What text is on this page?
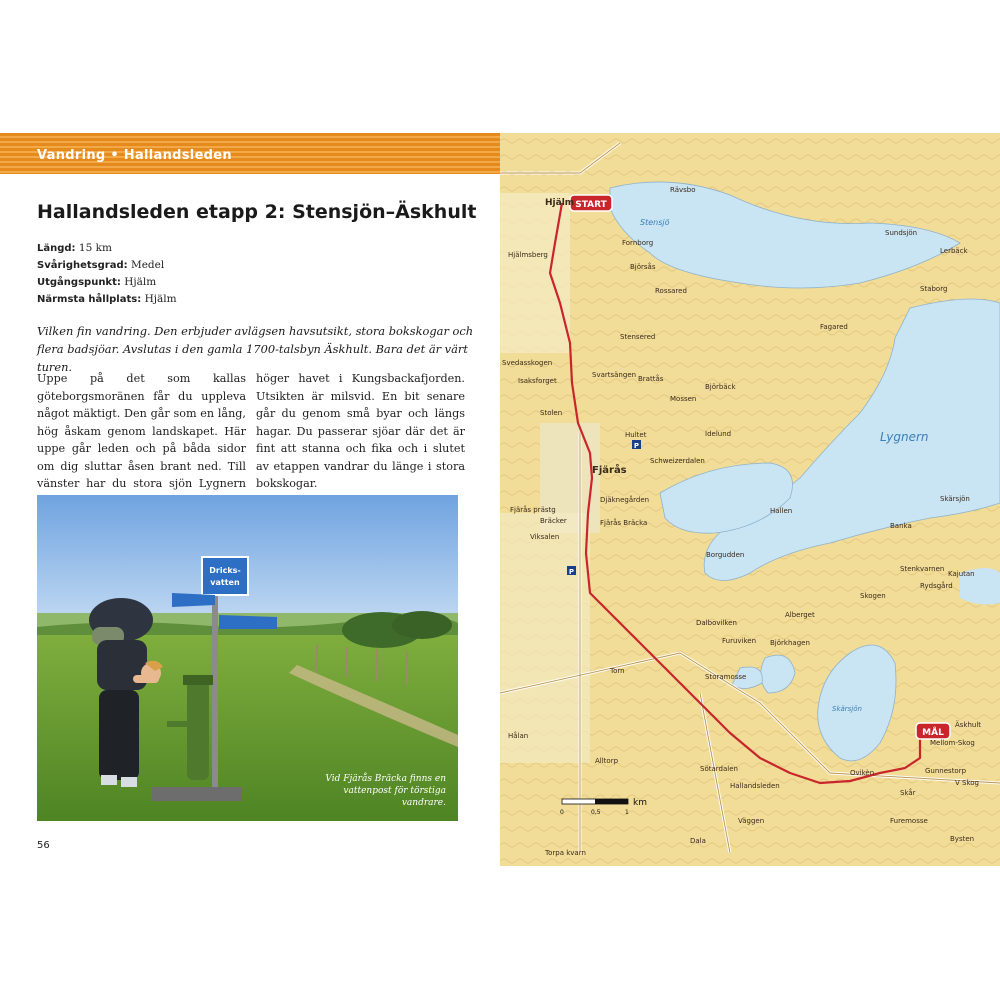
Vandring • Hallandsleden
Hallandsleden etapp 2: Stensjön–Äskhult
Längd: 15 km
Svårighetsgrad: Medel
Utgångspunkt: Hjälm
Närmsta hållplats: Hjälm

Vilken fin vandring. Den erbjuder avlägsen havsutsikt, stora bokskogar och flera badsjöar. Avslutas i den gamla 1700-talsbyn Äskhult. Bara det är värt turen.

Uppe på det som kallas göteborgsmoränen får du uppleva något mäktigt. Den går som en lång, hög åskam genom landskapet. Här uppe går leden och på båda sidor om dig sluttar åsen brant ned. Till vänster har du stora sjön Lygnern

höger havet i Kungsbackafjorden. Utsikten är milsvid. En bit senare går du genom små byar och längs hagar. Du passerar sjöar där det är fint att stanna och fika och i slutet av etappen vandrar du länge i stora bokskogar.

Dricks-
vatten
Vid Fjärås Bräcka finns en vattenpost för törstiga vandrare.
56
km
0	0,5	1
START
MÅL
Lygnern
Stensjö
Skärsjön
Hjälm
Fjärås
Rossared
Stensered
Brattås
Björbäck
Mossen
Hultet	Idelund
Schweizerdalen
Fjärås Bräcka
Djäknegården
Borgudden
Dalbovilken
Furuviken
Torn
Björkhagen
Storamosse
Sötardalen
Hallandsleden
Skår
Äskhult
Alltorp
Dala
Torpa kvarn
Staborg
Fagared
Banka
Skogen
Kajutan
Stenkvarnen
Rydsgård
Sundsjön
Lerbäck
Svedasskogen
Isaksforget
Stolen
Ovikèn
Skärsjön
Hallen
Gunnestorp
Väggen
Mellom-Skog
V Skog
Bysten
Furemosse
Hålan
Fjärås prästg
Bräcker
Viksalen
Fornborg
Björsås
Svartsängen
Rävsbo
Alberget
Hjälmsberg
P
P
